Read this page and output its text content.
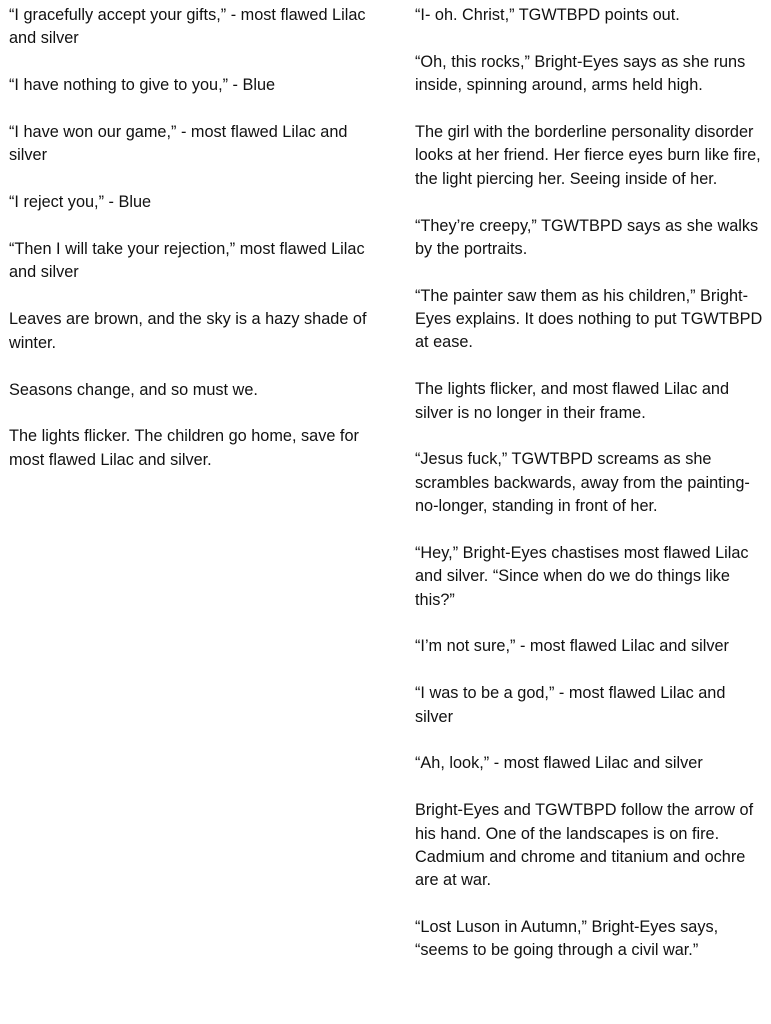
“I gracefully accept your gifts,” - most flawed Lilac and silver

“I have nothing to give to you,” - Blue

“I have won our game,” - most flawed Lilac and silver

“I reject you,” - Blue

“Then I will take your rejection,” most flawed Lilac and silver

Leaves are brown, and the sky is a hazy shade of winter.

Seasons change, and so must we.

The lights flicker. The children go home, save for most flawed Lilac and silver.

“I- oh. Christ,” TGWTBPD points out.

“Oh, this rocks,” Bright-Eyes says as she runs inside, spinning around, arms held high.

The girl with the borderline personality disorder looks at her friend. Her fierce eyes burn like fire, the light piercing her. Seeing inside of her.

“They’re creepy,” TGWTBPD says as she walks by the portraits.

“The painter saw them as his children,” Bright-Eyes explains. It does nothing to put TGWTBPD at ease.

The lights flicker, and most flawed Lilac and silver is no longer in their frame.

“Jesus fuck,” TGWTBPD screams as she scrambles backwards, away from the painting-no-longer, standing in front of her.

“Hey,” Bright-Eyes chastises most flawed Lilac and silver. “Since when do we do things like this?”

“I’m not sure,” - most flawed Lilac and silver

“I was to be a god,” - most flawed Lilac and silver

“Ah, look,” - most flawed Lilac and silver

Bright-Eyes and TGWTBPD follow the arrow of his hand. One of the landscapes is on fire. Cadmium and chrome and titanium and ochre are at war.

“Lost Luson in Autumn,” Bright-Eyes says, “seems to be going through a civil war.”
